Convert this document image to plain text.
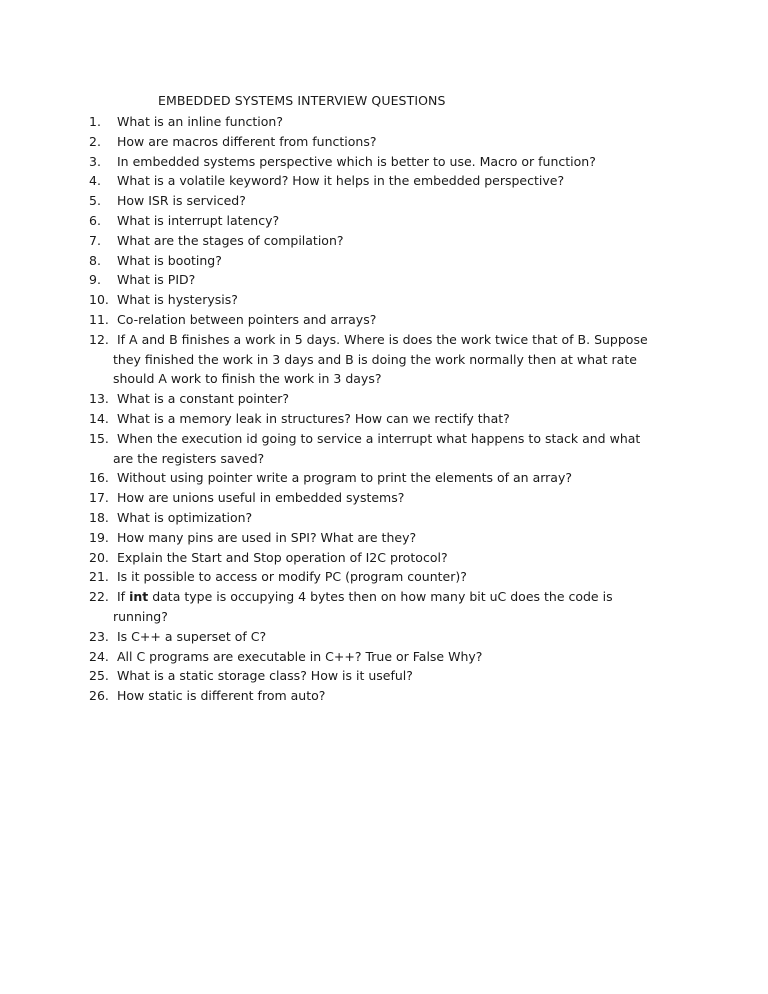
EMBEDDED SYSTEMS INTERVIEW QUESTIONS
1.	What is an inline function?
2.	How are macros different from functions?
3.	In embedded systems perspective which is better to use. Macro or function?
4.	What is a volatile keyword? How it helps in the embedded perspective?
5.	How ISR is serviced?
6.	What is interrupt latency?
7.	What are the stages of compilation?
8.	What is booting?
9.	What is PID?
10. What is hysterysis?
11. Co-relation between pointers and arrays?
12. If A and B finishes a work in 5 days. Where is does the work twice that of B. Suppose
they finished the work in 3 days and B is doing the work normally then at what rate
should A work to finish the work in 3 days?
13. What is a constant pointer?
14. What is a memory leak in structures? How can we rectify that?
15. When the execution id going to service a interrupt what happens to stack and what
are the registers saved?
16. Without using pointer write a program to print the elements of an array?
17. How are unions useful in embedded systems?
18. What is optimization?
19. How many pins are used in SPI? What are they?
20. Explain the Start and Stop operation of I2C protocol?
21. Is it possible to access or modify PC (program counter)?
22. If int data type is occupying 4 bytes then on how many bit uC does the code is
running?
23. Is C++ a superset of C?
24. All C programs are executable in C++? True or False Why?
25. What is a static storage class? How is it useful?
26. How static is different from auto?
